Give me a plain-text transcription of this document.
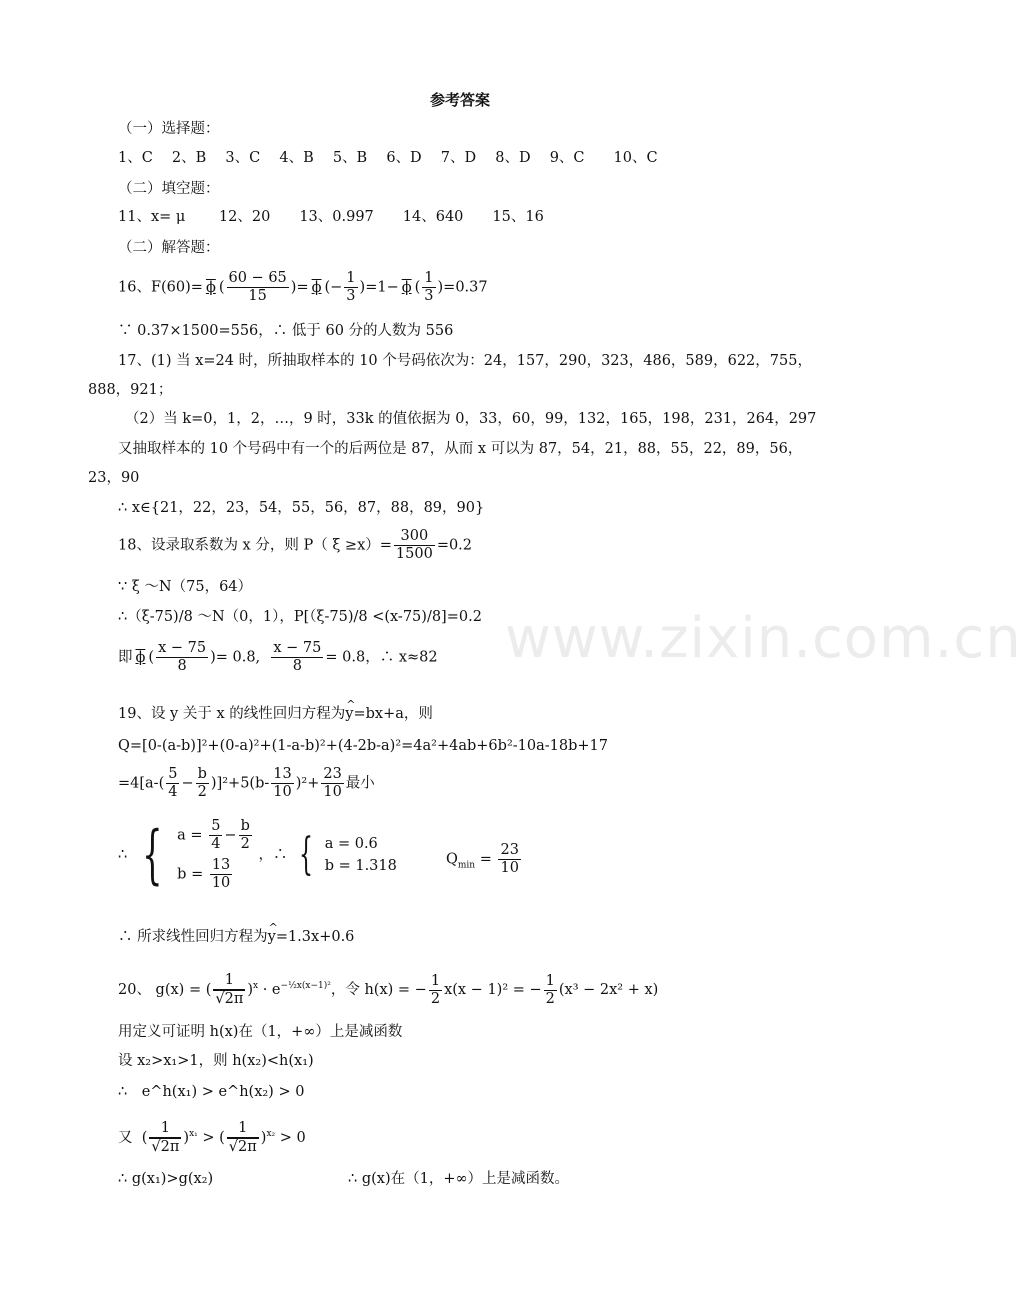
www.zixin.com.cn
参考答案
（一）选择题：
1、C　 2、B　 3、C　 4、B　 5、B　 6、D　 7、D　 8、D　 9、C　　10、C
（二）填空题：
11、x= μ　　 12、20　　13、0.997　　14、640　　15、16
（二）解答题：
16、F(60)= ϕ ( $\frac{60 - 65}{15}$ )= ϕ (− $\frac{1}{3} )=1- \phi$ ( $\frac{1}{3} )=0.37$
∵ 0.37×1500=556，∴ 低于 60 分的人数为 556
17、(1) 当 x=24 时，所抽取样本的 10 个号码依次为：24，157，290，323，486，589，622，755，
888，921；
（2）当 k=0，1，2，…，9 时，33k 的值依据为 0，33，60，99，132，165，198，231，264，297
又抽取样本的 10 个号码中有一个的后两位是 87，从而 x 可以为 87，54，21，88，55，22，89，56，
23，90
∴ x∈{21，22，23，54，55，56，87，88，89，90}
18、设录取系数为 x 分，则 P（ $\xi \ge x)= \frac{300}{1500} =0.2$
∵ ξ ～N（75，64）
∴（ξ-75)/8 ～N（0，1），P[（ξ-75)/8 <(x-75)/8]=0.2
即 ϕ ( $\frac{x - 75}{8}$ )= 0.8, $\frac{x - 75}{8} = 0.8$，∴ x≈82
19、设 y 关于 x 的线性回归方程为^ y=bx+a，则
Q=[0-(a-b)]²+(0-a)²+(1-a-b)²+(4-2b-a)²=4a²+4ab+6b²-10a-18b+17
$=4[a-( \frac{5}{4} - \frac{b}{2} )]^2+5(b- \frac{13}{10} )^2+ \frac{23}{10}$ 最小
∴ { $a = \frac{5}{4} - \frac{b}{2}$
$b = \frac{13}{10}$
，∴ { a = 0.6
b = 1.318	$Q_{min} = \frac{23}{10}$
∴ 所求线性回归方程为^ y=1.3x+0.6
20、 g(x) = ( $\frac{1}{√2\pi} )^x \cdot e^{-\frac{1}{2}x(x-1)^2}$，令 h(x) = − $\frac{1}{2} x(x - 1)^2$ = − $\frac{1}{2} (x^3 - 2x^2 + x)$
用定义可证明 h(x)在（1，+∞）上是减函数
设 x₂>x₁>1，则 h(x₂)<h(x₁)
∴　e^h(x₁) > e^h(x₂) > 0
又  ( $\frac{1}{√2\pi} )^{x_1}$ > ( $\frac{1}{√2\pi} )^{x_2} > 0$
∴ g(x₁)>g(x₂)	∴ g(x)在（1，+∞）上是减函数。
